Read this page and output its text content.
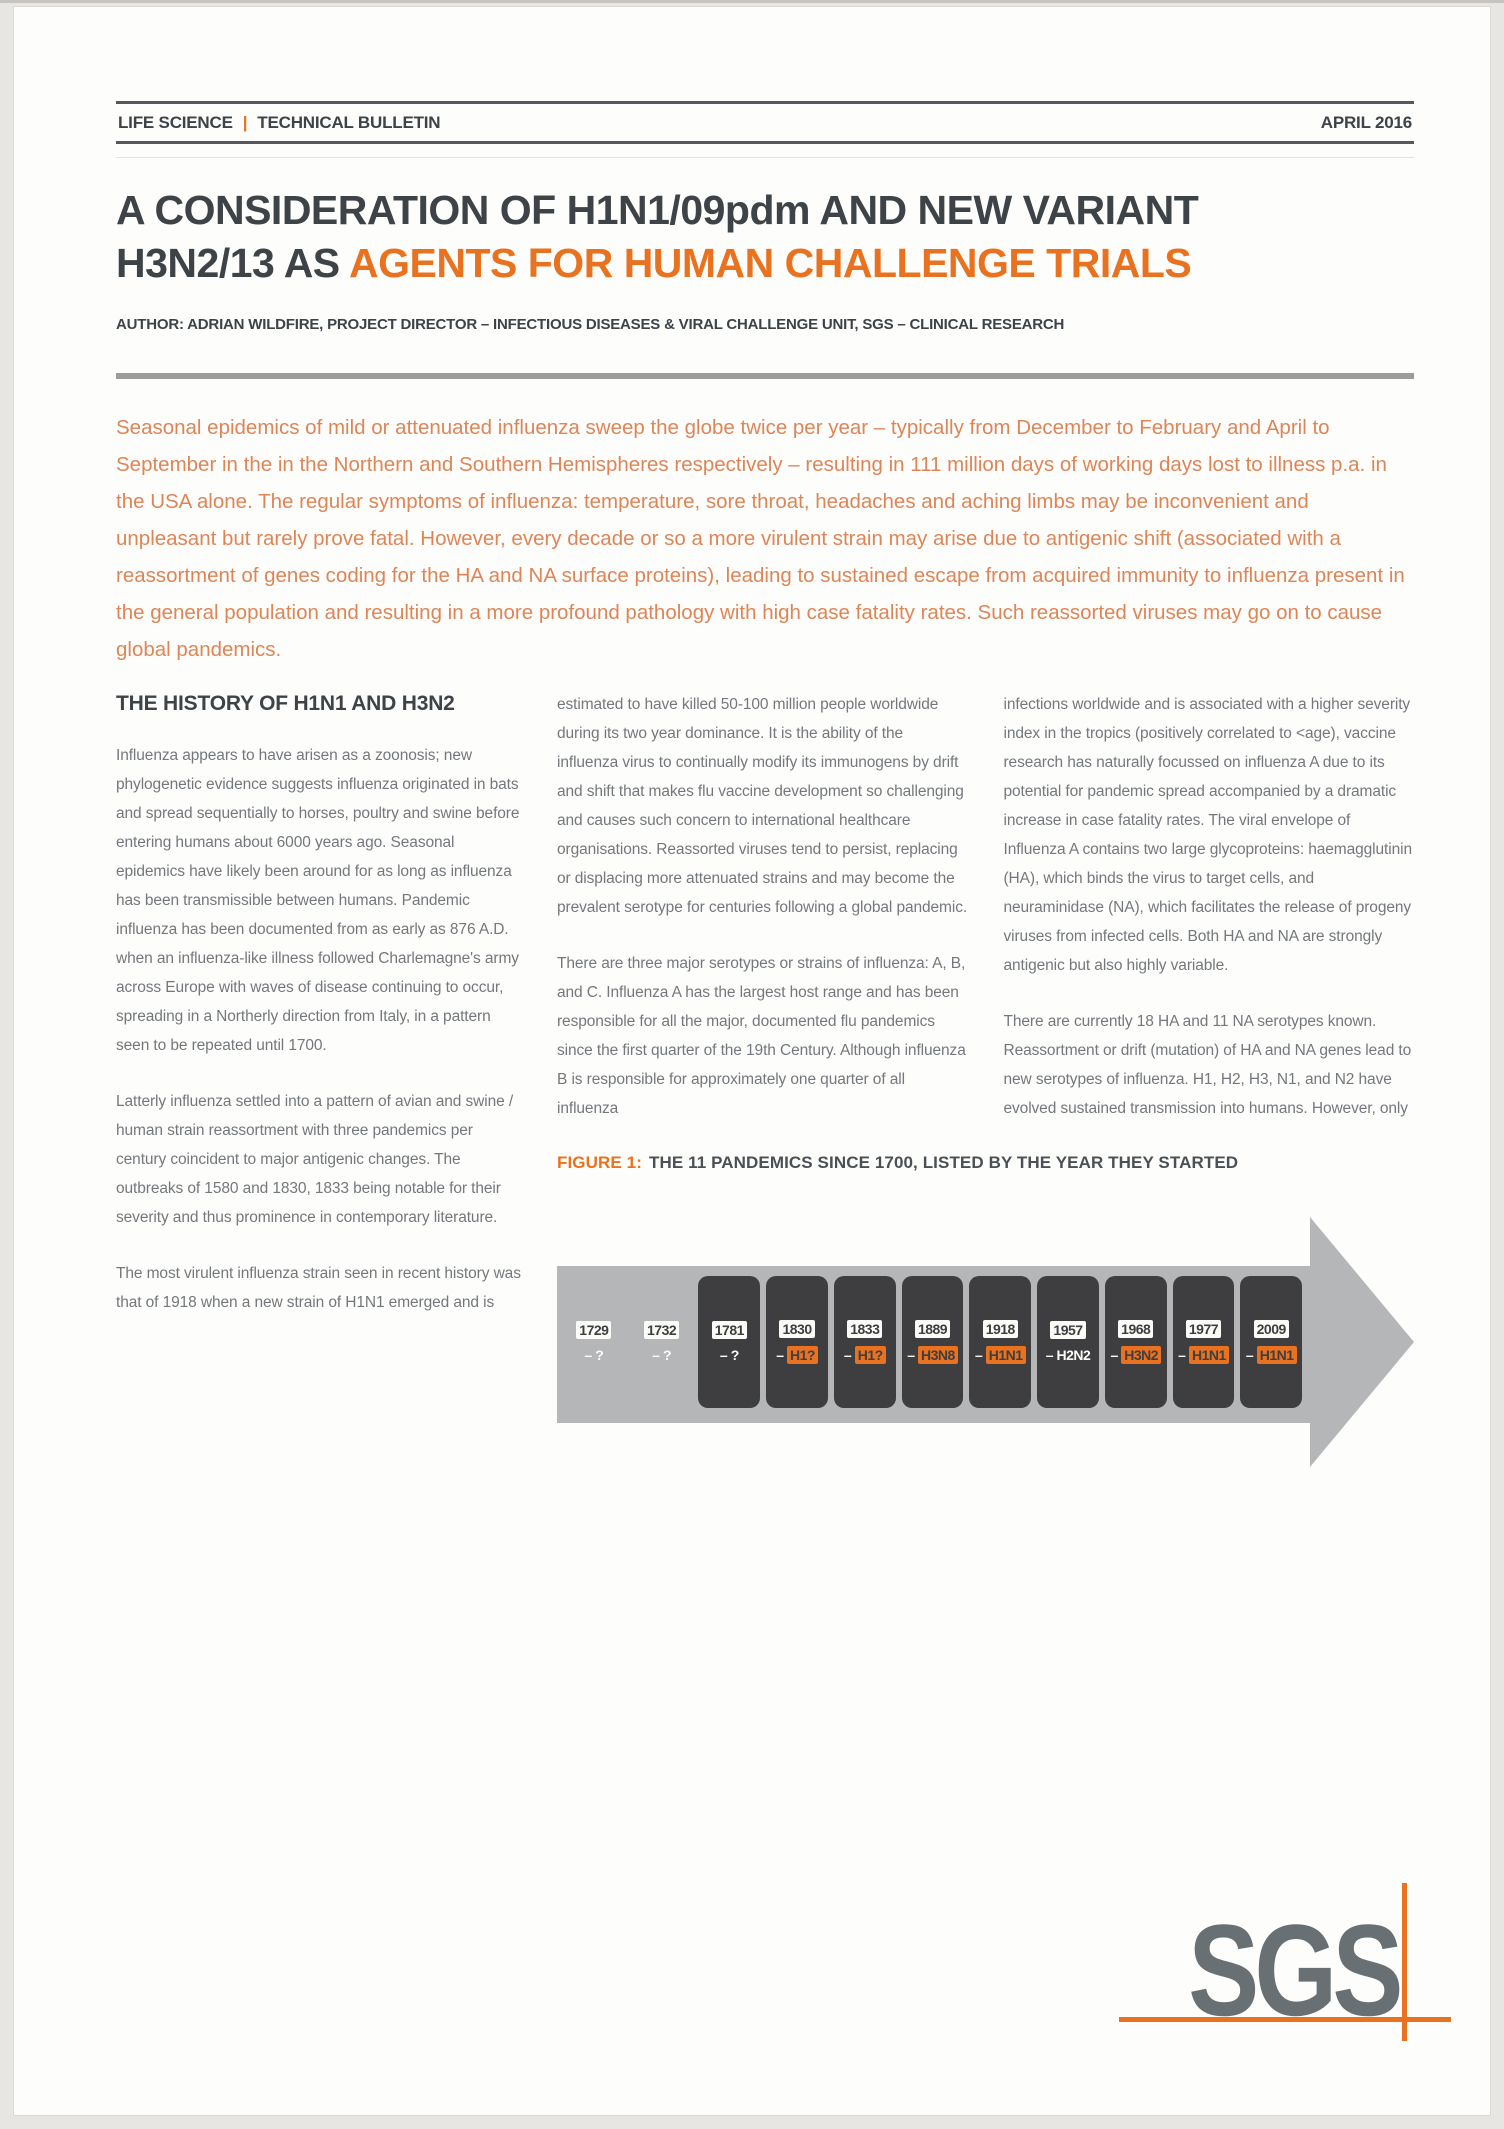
LIFE SCIENCE | TECHNICAL BULLETIN	APRIL 2016
A CONSIDERATION OF H1N1/09pdm AND NEW VARIANT
H3N2/13 AS AGENTS FOR HUMAN CHALLENGE TRIALS
AUTHOR: ADRIAN WILDFIRE, PROJECT DIRECTOR – INFECTIOUS DISEASES & VIRAL CHALLENGE UNIT, SGS – CLINICAL RESEARCH

Seasonal epidemics of mild or attenuated influenza sweep the globe twice per year – typically from December to February and April to September in the in the Northern and Southern Hemispheres respectively – resulting in 111 million days of working days lost to illness p.a. in the USA alone. The regular symptoms of influenza: temperature, sore throat, headaches and aching limbs may be inconvenient and unpleasant but rarely prove fatal. However, every decade or so a more virulent strain may arise due to antigenic shift (associated with a reassortment of genes coding for the HA and NA surface proteins), leading to sustained escape from acquired immunity to influenza present in the general population and resulting in a more profound pathology with high case fatality rates. Such reassorted viruses may go on to cause global pandemics.

THE HISTORY OF H1N1 AND H3N2

Influenza appears to have arisen as a zoonosis; new phylogenetic evidence suggests influenza originated in bats and spread sequentially to horses, poultry and swine before entering humans about 6000 years ago. Seasonal epidemics have likely been around for as long as influenza has been transmissible between humans. Pandemic influenza has been documented from as early as 876 A.D. when an influenza-like illness followed Charlemagne's army across Europe with waves of disease continuing to occur, spreading in a Northerly direction from Italy, in a pattern seen to be repeated until 1700.

Latterly influenza settled into a pattern of avian and swine / human strain reassortment with three pandemics per century coincident to major antigenic changes. The outbreaks of 1580 and 1830, 1833 being notable for their severity and thus prominence in contemporary literature.

The most virulent influenza strain seen in recent history was that of 1918 when a new strain of H1N1 emerged and is

estimated to have killed 50-100 million people worldwide during its two year dominance. It is the ability of the influenza virus to continually modify its immunogens by drift and shift that makes flu vaccine development so challenging and causes such concern to international healthcare organisations. Reassorted viruses tend to persist, replacing or displacing more attenuated strains and may become the prevalent serotype for centuries following a global pandemic.

There are three major serotypes or strains of influenza: A, B, and C. Influenza A has the largest host range and has been responsible for all the major, documented flu pandemics since the first quarter of the 19th Century. Although influenza B is responsible for approximately one quarter of all influenza

infections worldwide and is associated with a higher severity index in the tropics (positively correlated to <age), vaccine research has naturally focussed on influenza A due to its potential for pandemic spread accompanied by a dramatic increase in case fatality rates. The viral envelope of Influenza A contains two large glycoproteins: haemagglutinin (HA), which binds the virus to target cells, and neuraminidase (NA), which facilitates the release of progeny viruses from infected cells. Both HA and NA are strongly antigenic but also highly variable.

There are currently 18 HA and 11 NA serotypes known. Reassortment or drift (mutation) of HA and NA genes lead to new serotypes of influenza. H1, H2, H3, N1, and N2 have evolved sustained transmission into humans. However, only

FIGURE 1: THE 11 PANDEMICS SINCE 1700, LISTED BY THE YEAR THEY STARTED
1729
– ?
1732
– ?
1781
– ?
1830
– H1?
1833
– H1?
1889
– H3N8
1918
– H1N1
1957
– H2N2
1968
– H3N2
1977
– H1N1
2009
– H1N1
SGS
